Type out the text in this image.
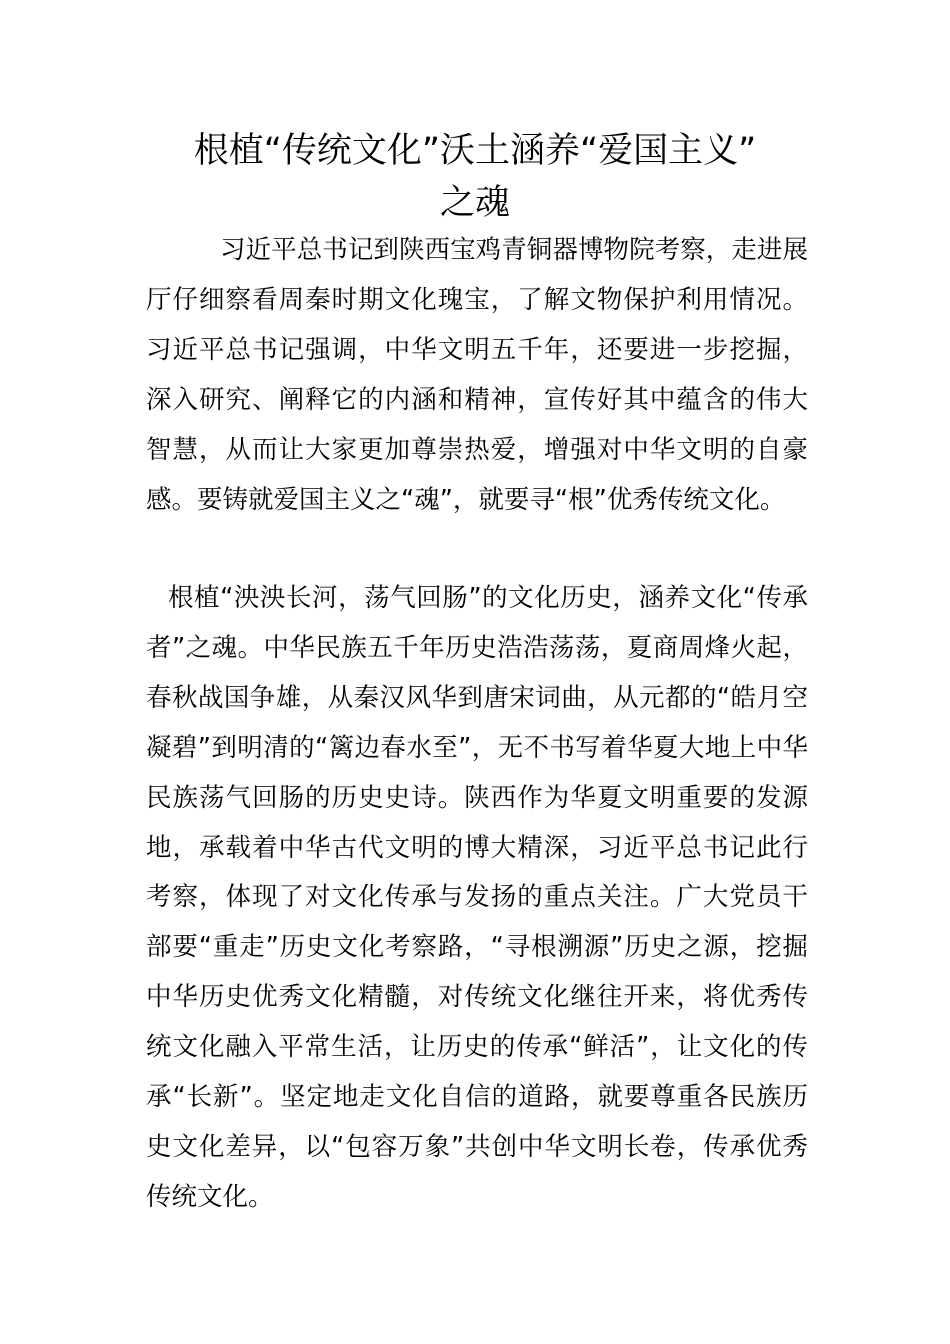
根植“传统文化”沃土涵养“爱国主义”
之魂

习近平总书记到陕西宝鸡青铜器博物院考察，走进展厅仔细察看周秦时期文化瑰宝，了解文物保护利用情况。习近平总书记强调，中华文明五千年，还要进一步挖掘，深入研究、阐释它的内涵和精神，宣传好其中蕴含的伟大智慧，从而让大家更加尊崇热爱，增强对中华文明的自豪感。要铸就爱国主义之“魂”，就要寻“根”优秀传统文化。

根植“泱泱长河，荡气回肠”的文化历史，涵养文化“传承者”之魂。中华民族五千年历史浩浩荡荡，夏商周烽火起，春秋战国争雄，从秦汉风华到唐宋词曲，从元都的“皓月空凝碧”到明清的“篱边春水至”，无不书写着华夏大地上中华民族荡气回肠的历史史诗。陕西作为华夏文明重要的发源地，承载着中华古代文明的博大精深，习近平总书记此行考察，体现了对文化传承与发扬的重点关注。广大党员干部要“重走”历史文化考察路，“寻根溯源”历史之源，挖掘中华历史优秀文化精髓，对传统文化继往开来，将优秀传统文化融入平常生活，让历史的传承“鲜活”，让文化的传承“长新”。坚定地走文化自信的道路，就要尊重各民族历史文化差异，以“包容万象”共创中华文明长卷，传承优秀传统文化。
